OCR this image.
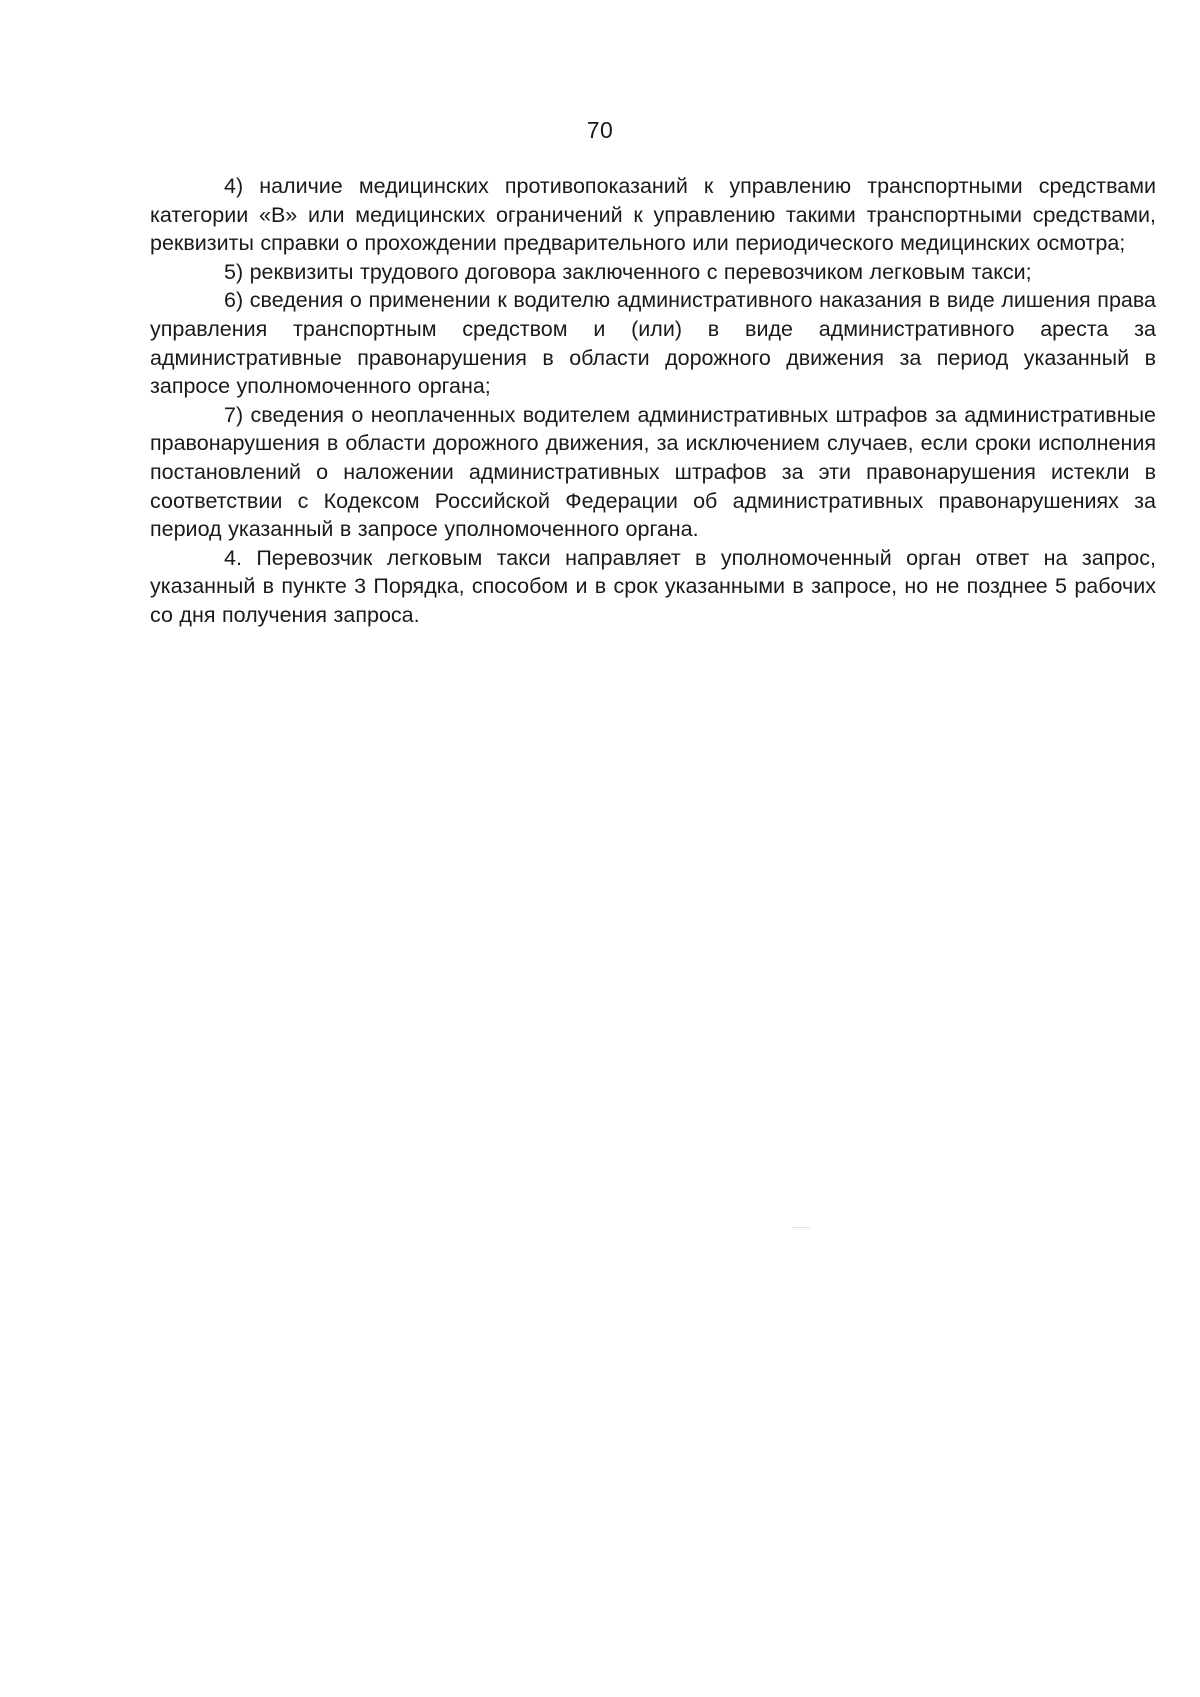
70

4) наличие медицинских противопоказаний к управлению транспортными средствами категории «В» или медицинских ограничений к управлению такими транспортными средствами, реквизиты справки о прохождении предварительного или периодического медицинских осмотра;

5) реквизиты трудового договора заключенного с перевозчиком легковым такси;

6) сведения о применении к водителю административного наказания в виде лишения права управления транспортным средством и (или) в виде административного ареста за административные правонарушения в области дорожного движения за период указанный в запросе уполномоченного органа;

7) сведения о неоплаченных водителем административных штрафов за административные правонарушения в области дорожного движения, за исключением случаев, если сроки исполнения постановлений о наложении административных штрафов за эти правонарушения истекли в соответствии с Кодексом Российской Федерации об административных правонарушениях за период указанный в запросе уполномоченного органа.

4. Перевозчик легковым такси направляет в уполномоченный орган ответ на запрос, указанный в пункте 3 Порядка, способом и в срок указанными в запросе, но не позднее 5 рабочих со дня получения запроса.
